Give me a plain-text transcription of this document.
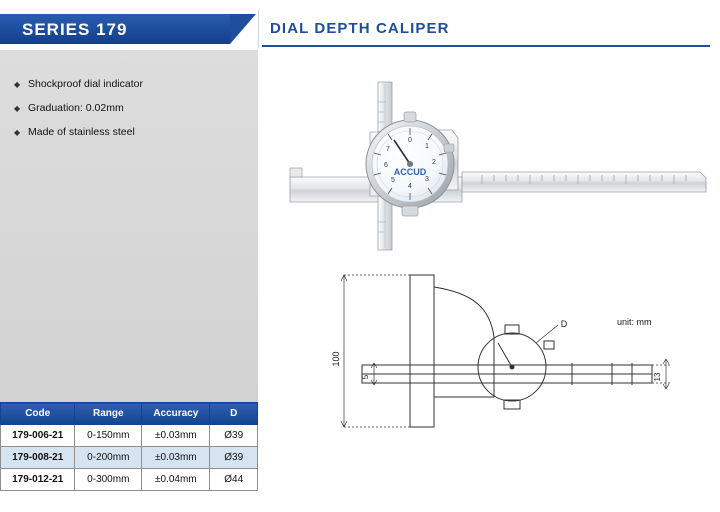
SERIES 179	DIAL DEPTH CALIPER
◆ Shockproof dial indicator
◆ Graduation: 0.02mm
◆ Made of stainless steel
Code	Range	Accuracy	D
179-006-21	0-150mm	±0.03mm	Ø39
179-008-21	0-200mm	±0.03mm	Ø39
179-012-21	0-300mm	±0.04mm	Ø44
0
1
2
3
4
5
6
7
ACCUD
100
5	13
D	unit: mm
